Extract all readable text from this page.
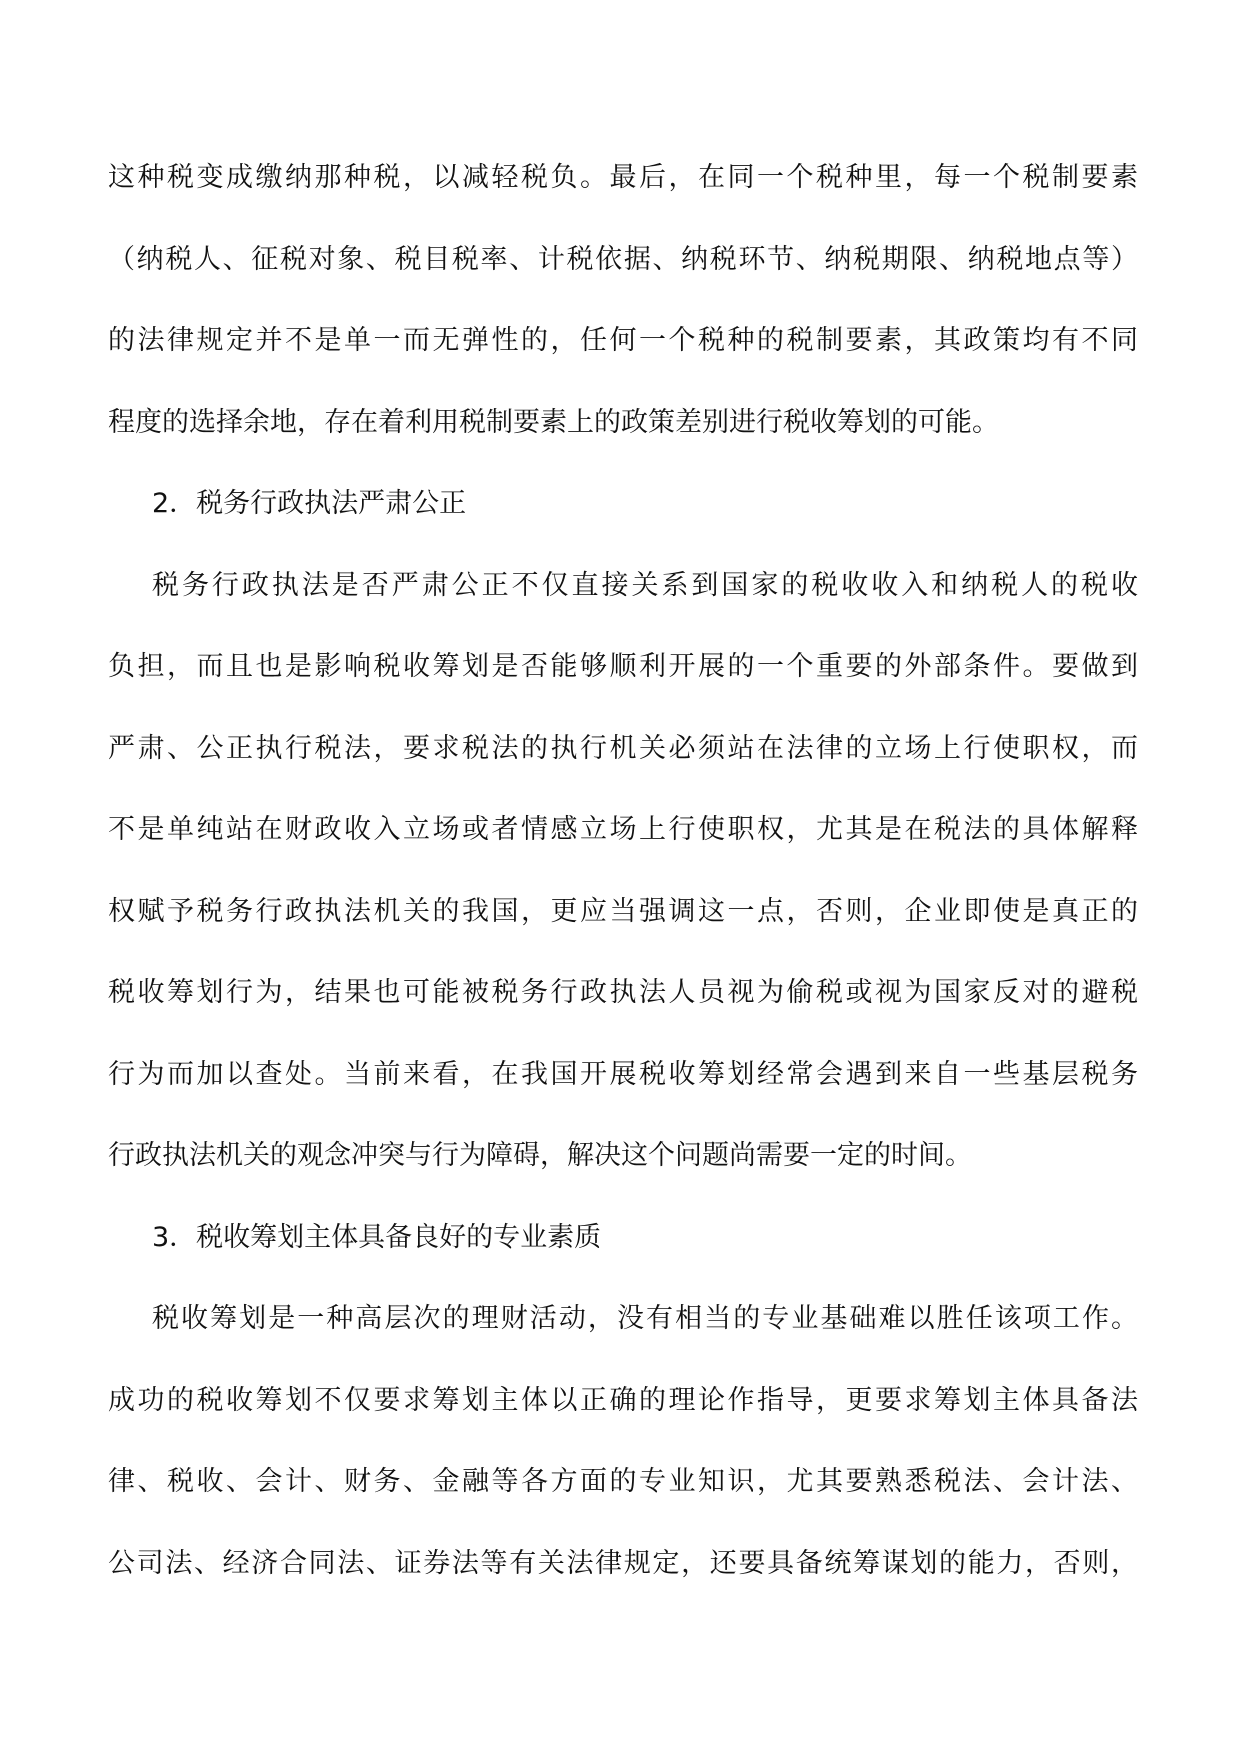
这种税变成缴纳那种税，以减轻税负。最后，在同一个税种里，每一个税制要素
（纳税人、征税对象、税目税率、计税依据、纳税环节、纳税期限、纳税地点等）
的法律规定并不是单一而无弹性的，任何一个税种的税制要素，其政策均有不同
程度的选择余地，存在着利用税制要素上的政策差别进行税收筹划的可能。
2．税务行政执法严肃公正
税务行政执法是否严肃公正不仅直接关系到国家的税收收入和纳税人的税收
负担，而且也是影响税收筹划是否能够顺利开展的一个重要的外部条件。要做到
严肃、公正执行税法，要求税法的执行机关必须站在法律的立场上行使职权，而
不是单纯站在财政收入立场或者情感立场上行使职权，尤其是在税法的具体解释
权赋予税务行政执法机关的我国，更应当强调这一点，否则，企业即使是真正的
税收筹划行为，结果也可能被税务行政执法人员视为偷税或视为国家反对的避税
行为而加以查处。当前来看，在我国开展税收筹划经常会遇到来自一些基层税务
行政执法机关的观念冲突与行为障碍，解决这个问题尚需要一定的时间。
3．税收筹划主体具备良好的专业素质
税收筹划是一种高层次的理财活动，没有相当的专业基础难以胜任该项工作。
成功的税收筹划不仅要求筹划主体以正确的理论作指导，更要求筹划主体具备法
律、税收、会计、财务、金融等各方面的专业知识，尤其要熟悉税法、会计法、
公司法、经济合同法、证券法等有关法律规定，还要具备统筹谋划的能力，否则，
